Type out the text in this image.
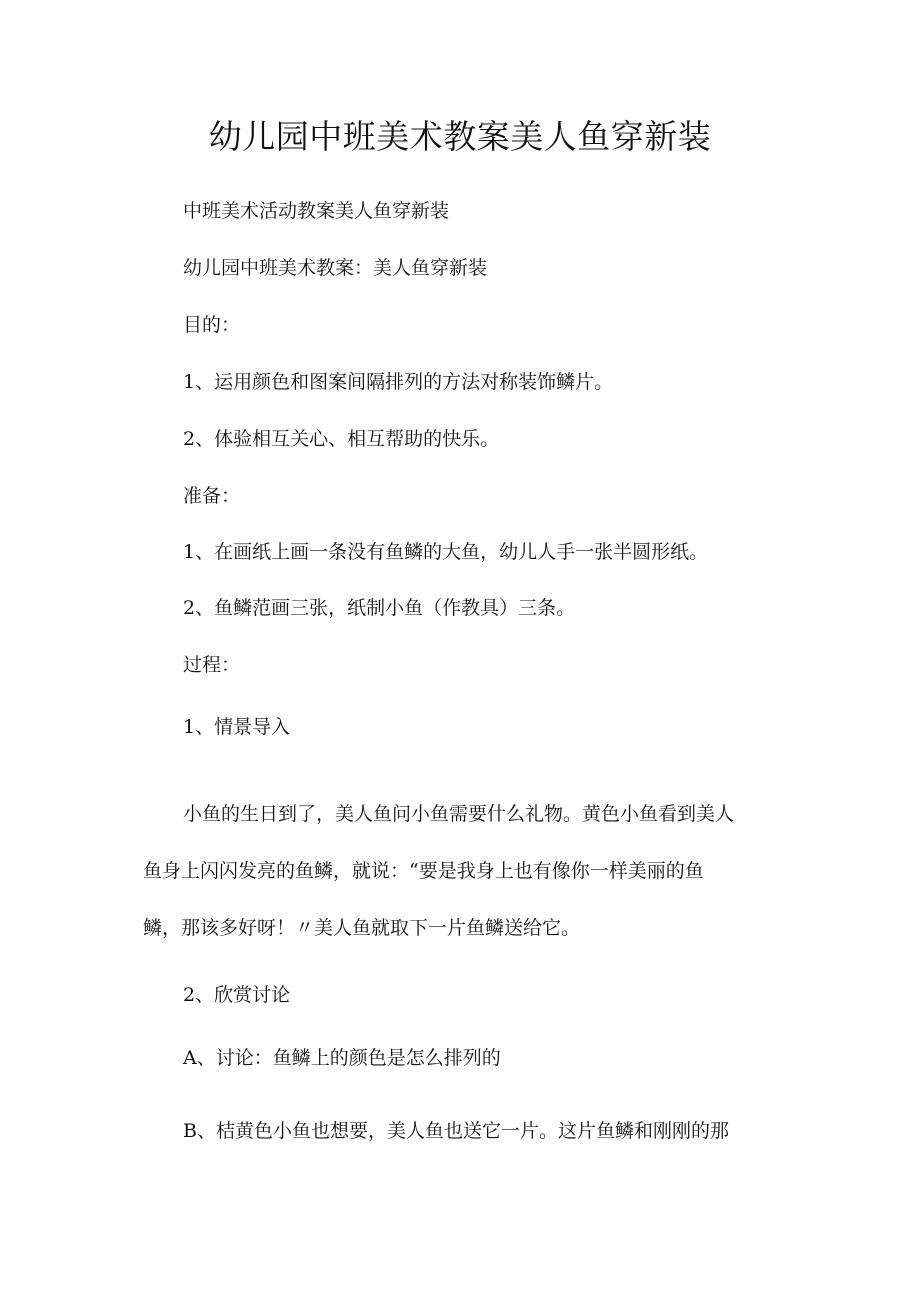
幼儿园中班美术教案美人鱼穿新装

中班美术活动教案美人鱼穿新装

幼儿园中班美术教案：美人鱼穿新装

目的：

1、运用颜色和图案间隔排列的方法对称装饰鳞片。

2、体验相互关心、相互帮助的快乐。

准备：

1、在画纸上画一条没有鱼鳞的大鱼，幼儿人手一张半圆形纸。

2、鱼鳞范画三张，纸制小鱼（作教具）三条。

过程：

1、情景导入

小鱼的生日到了，美人鱼问小鱼需要什么礼物。黄色小鱼看到美人

鱼身上闪闪发亮的鱼鳞，就说：“要是我身上也有像你一样美丽的鱼

鳞，那该多好呀！〃美人鱼就取下一片鱼鳞送给它。

2、欣赏讨论

A、讨论：鱼鳞上的颜色是怎么排列的

B、桔黄色小鱼也想要，美人鱼也送它一片。这片鱼鳞和刚刚的那
